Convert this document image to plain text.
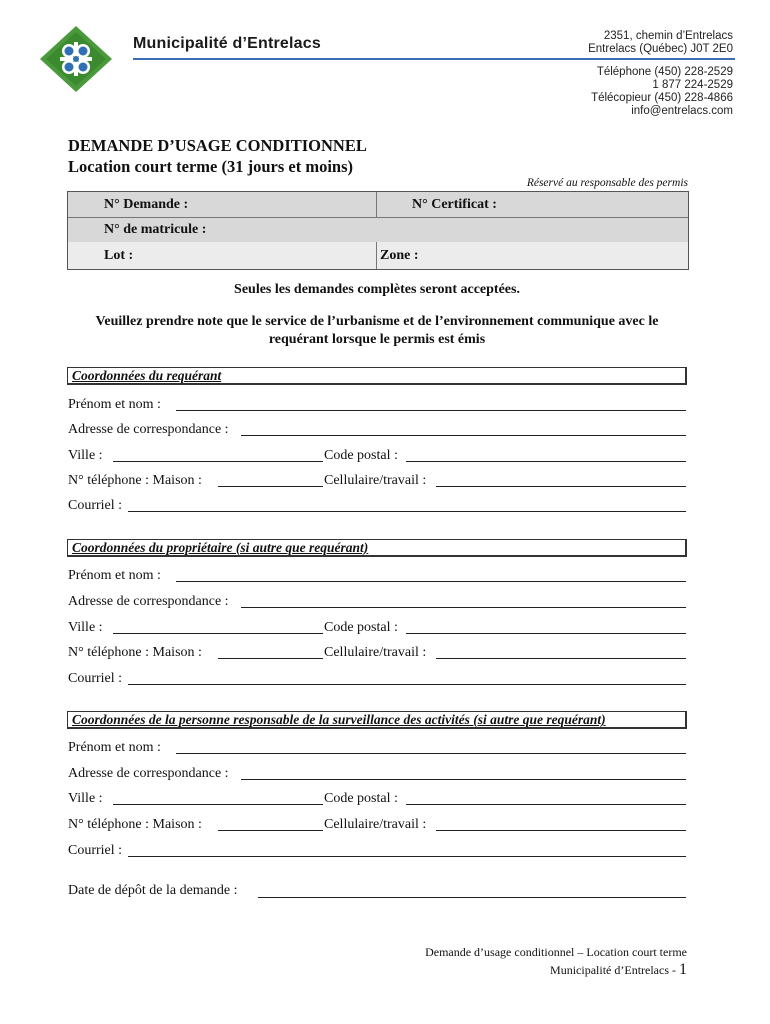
Municipalité d’Entrelacs	2351, chemin d’Entrelacs
Entrelacs (Québec) J0T 2E0
Téléphone (450) 228-2529
1 877 224-2529
Télécopieur (450) 228-4866
info@entrelacs.com
DEMANDE D’USAGE CONDITIONNEL
Location court terme (31 jours et moins)
Réservé au responsable des permis
N° Demande :	N° Certificat :
N° de matricule :
Lot :	Zone :
Seules les demandes complètes seront acceptées.
Veuillez prendre note que le service de l’urbanisme et de l’environnement communique avec le requérant lorsque le permis est émis
Coordonnées du requérant
Prénom et nom :
Adresse de correspondance :
Ville :	Code postal :
N° téléphone : Maison :	Cellulaire/travail :
Courriel :
Coordonnées du propriétaire (si autre que requérant)
Prénom et nom :
Adresse de correspondance :
Ville :	Code postal :
N° téléphone : Maison :	Cellulaire/travail :
Courriel :
Coordonnées de la personne responsable de la surveillance des activités (si autre que requérant)
Prénom et nom :
Adresse de correspondance :
Ville :	Code postal :
N° téléphone : Maison :	Cellulaire/travail :
Courriel :
Date de dépôt de la demande :
Demande d’usage conditionnel – Location court terme
Municipalité d’Entrelacs - 1
